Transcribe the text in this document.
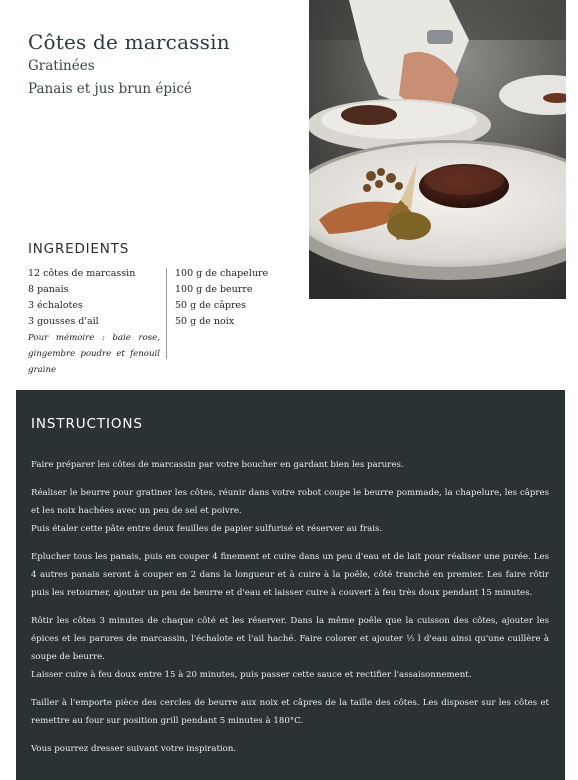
Côtes de marcassin

Gratinées

Panais et jus brun épicé

INGREDIENTS
12 côtes de marcassin
8 panais
3 échalotes
3 gousses d'ail
Pour mémoire : baie rose, gingembre poudre et fenouil graine
100 g de chapelure
100 g de beurre
50 g de câpres
50 g de noix
INSTRUCTIONS

Faire préparer les côtes de marcassin par votre boucher en gardant bien les parures.

Réaliser le beurre pour gratiner les côtes, réunir dans votre robot coupe le beurre pommade, la chapelure, les câpres et les noix hachées avec un peu de sel et poivre.
Puis étaler cette pâte entre deux feuilles de papier sulfurisé et réserver au frais.

Eplucher tous les panais, puis en couper 4 finement et cuire dans un peu d'eau et de lait pour réaliser une purée. Les 4 autres panais seront à couper en 2 dans la longueur et à cuire à la poêle, côté tranché en premier. Les faire rôtir puis les retourner, ajouter un peu de beurre et d'eau et laisser cuire à couvert à feu très doux pendant 15 minutes.

Rôtir les côtes 3 minutes de chaque côté et les réserver. Dans la même poêle que la cuisson des côtes, ajouter les épices et les parures de marcassin, l'échalote et l'ail haché. Faire colorer et ajouter ½ l d'eau ainsi qu'une cuillère à soupe de beurre.
Laisser cuire à feu doux entre 15 à 20 minutes, puis passer cette sauce et rectifier l'assaisonnement.

Tailler à l'emporte pièce des cercles de beurre aux noix et câpres de la taille des côtes. Les disposer sur les côtes et remettre au four sur position grill pendant 5 minutes à 180°C.

Vous pourrez dresser suivant votre inspiration.
